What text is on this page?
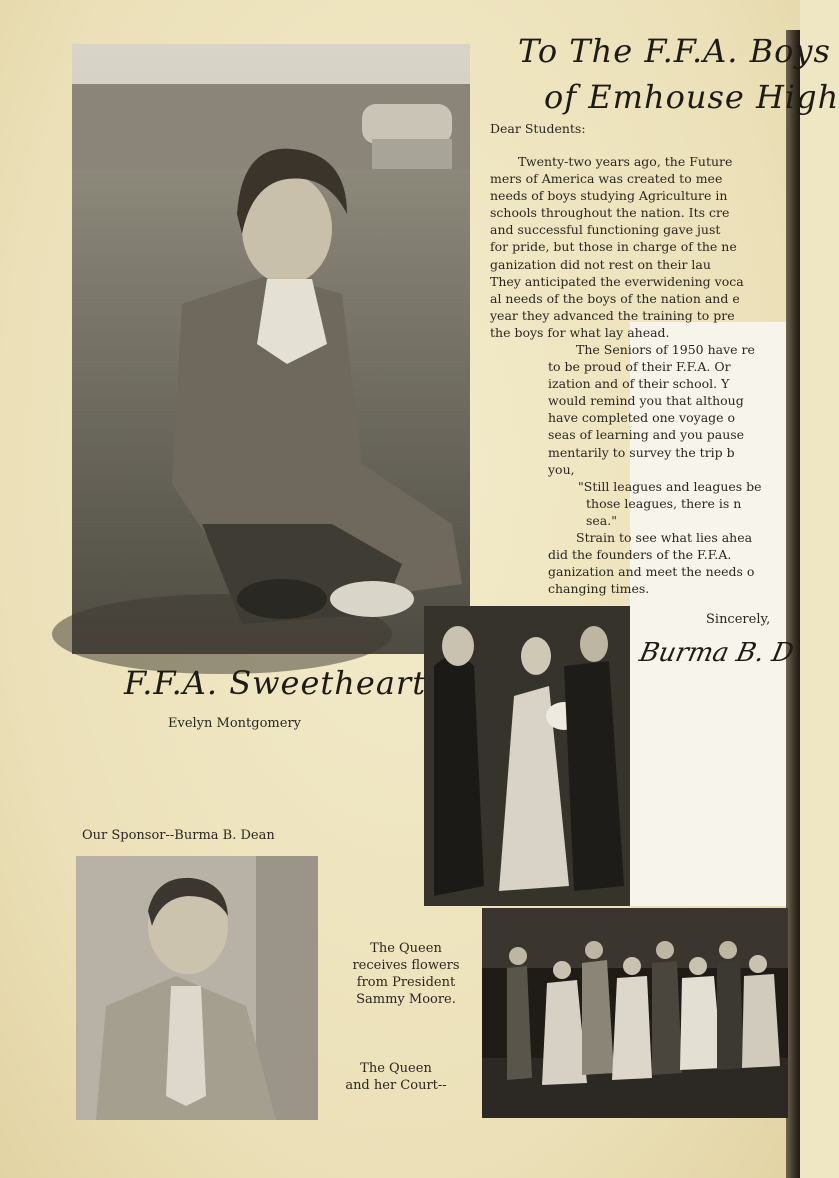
To The F.F.A. Boys
of Emhouse High
Dear Students:
Twenty-two years ago, the Future
mers of America was created to mee
needs of boys studying Agriculture in
schools throughout the nation. Its cre
and successful functioning gave just
for pride, but those in charge of the ne
ganization did not rest on their lau
They anticipated the everwidening voca
al needs of the boys of the nation and e
year they advanced the training to pre
the boys for what lay ahead.
The Seniors of 1950 have re
to be proud of their F.F.A. Or
ization and of their school. Y
would remind you that althoug
have completed one voyage o
seas of learning and you pause
mentarily to survey the trip b
you,
"Still leagues and leagues be
those leagues, there is n
sea."
Strain to see what lies ahea
did the founders of the F.F.A.
ganization and meet the needs o
changing times.
Sincerely,
Burma B. D
F.F.A. Sweetheart
Evelyn Montgomery
Our Sponsor--Burma B. Dean
The Queen
receives flowers
from President
Sammy Moore.
The Queen
and her Court--
